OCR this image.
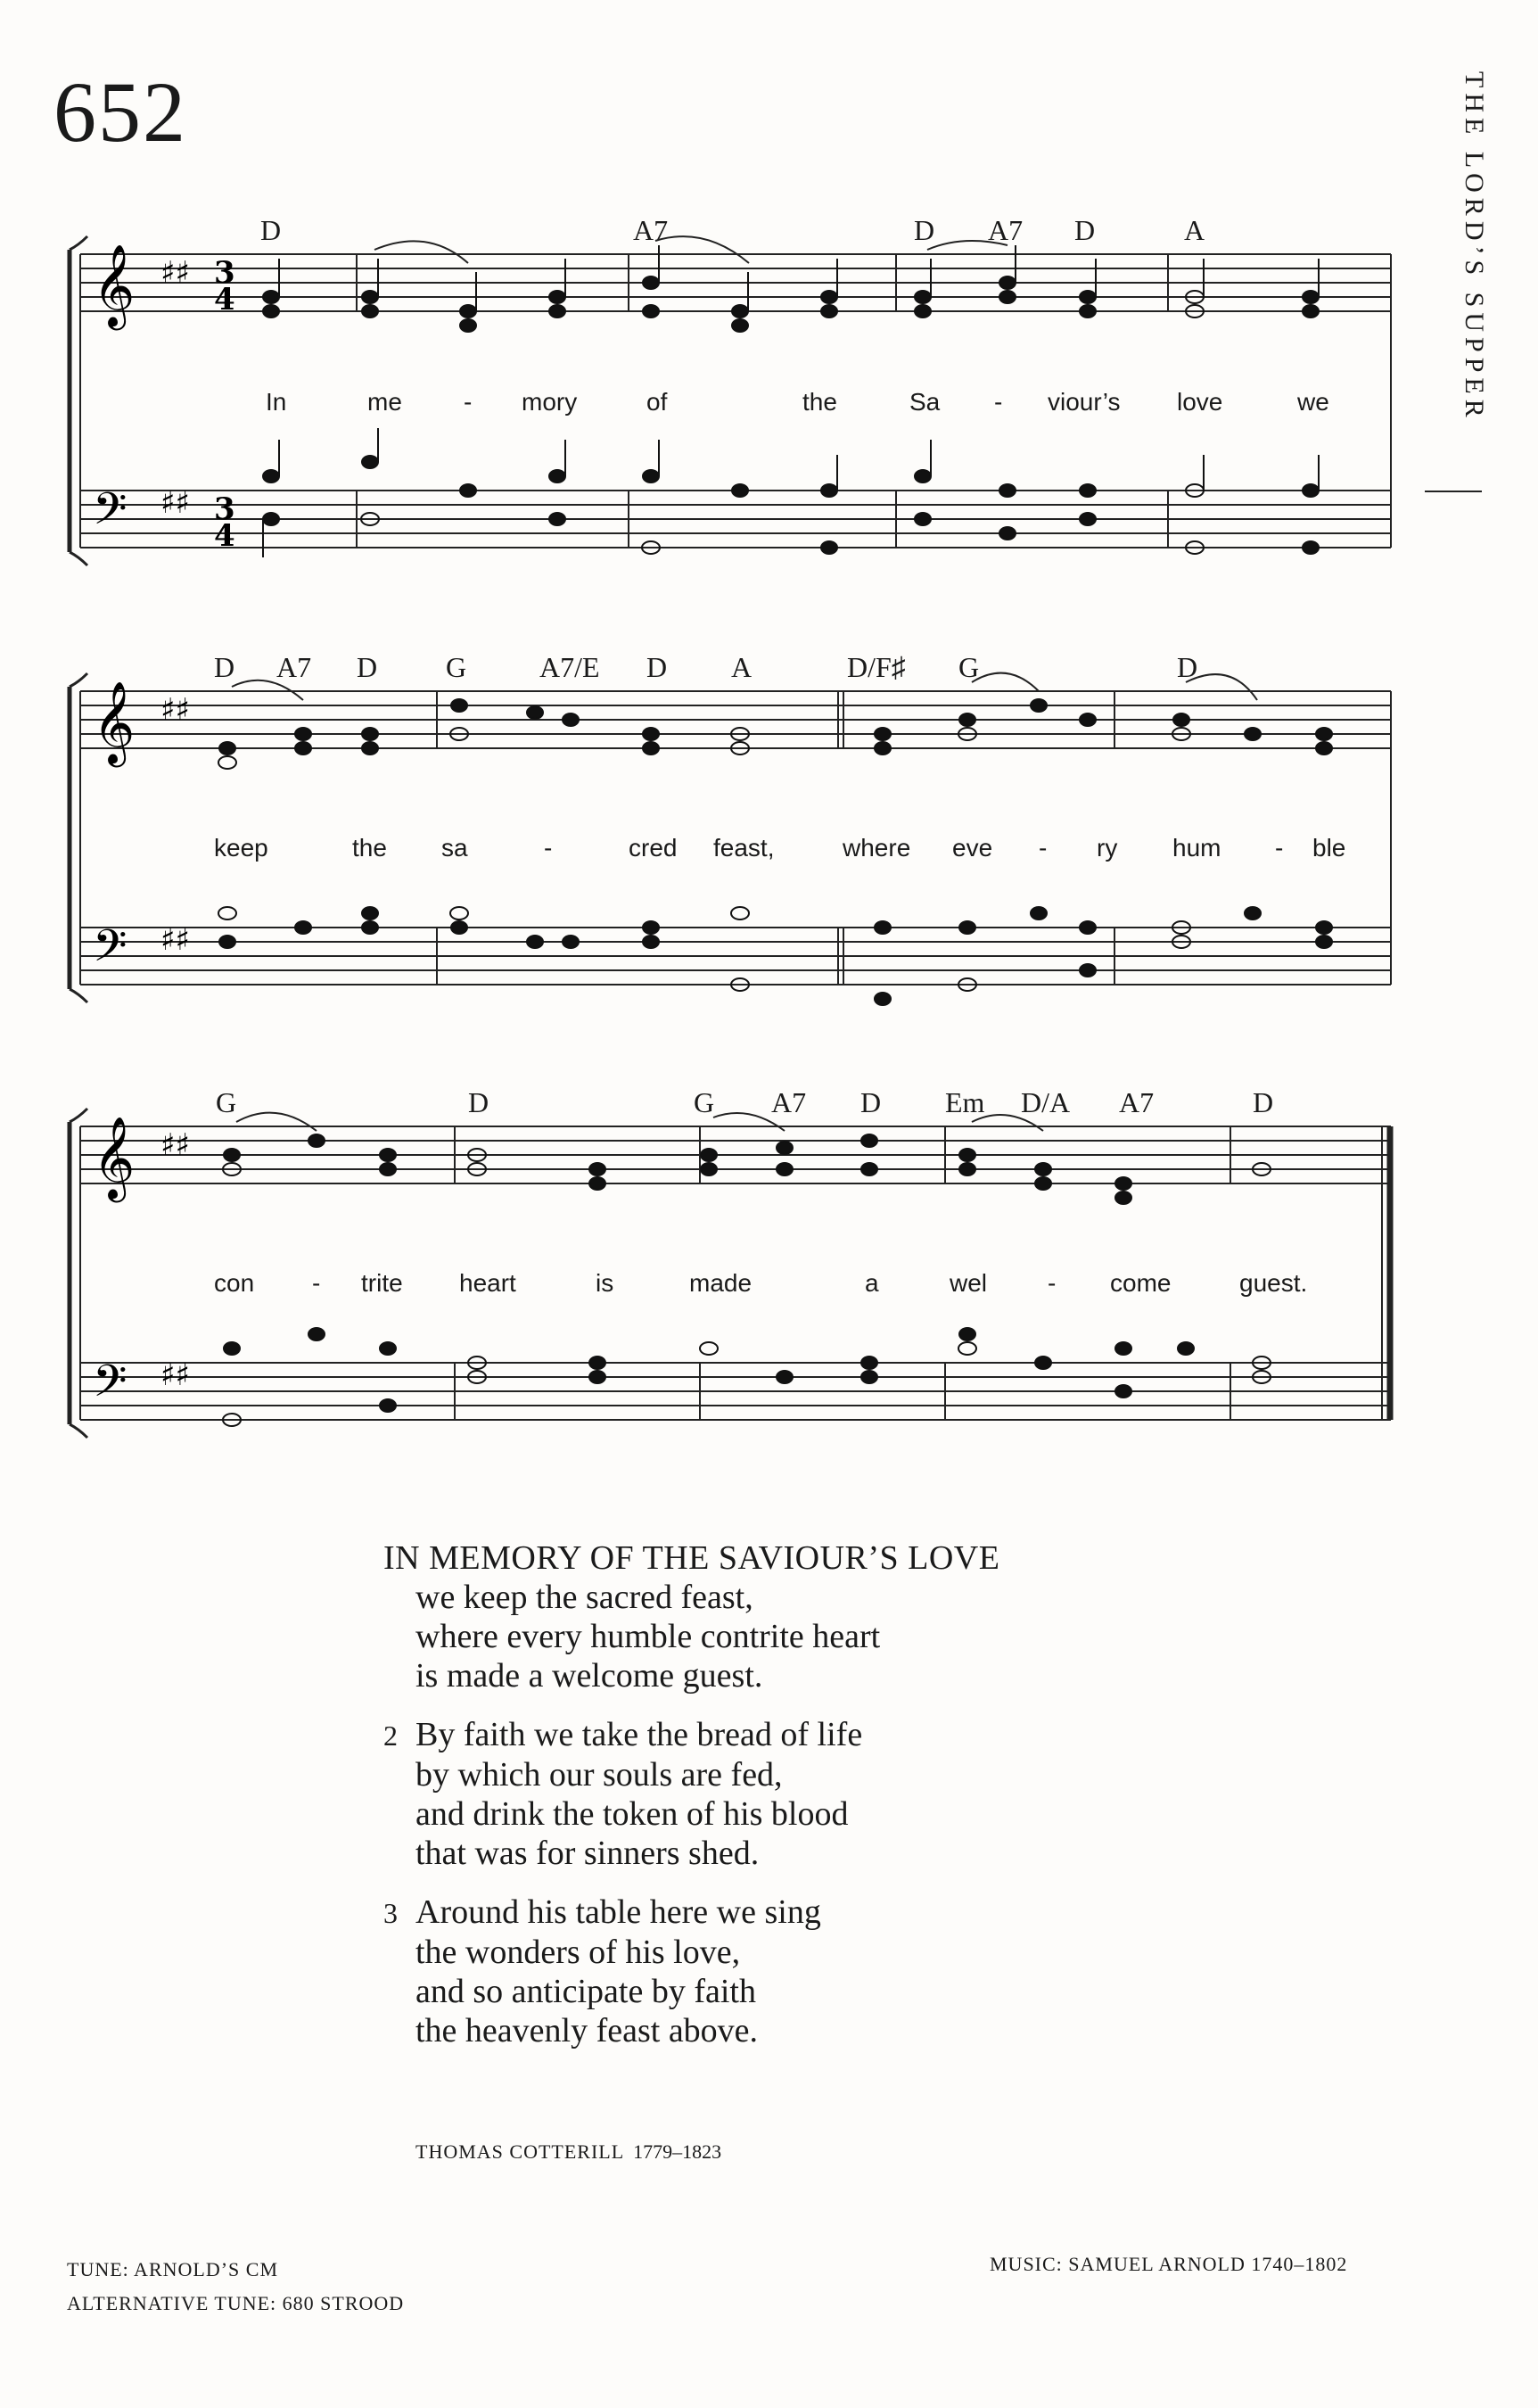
652	THE LORD’S SUPPER
D	A7	D A7 D	A
𝄞
𝄢
♯♯
♯♯
3
4
3
4
In	me - mory	of	the	Sa - viour’s love	we
D A7 D G	A7/E D A	D/F♯ G	D
𝄞
𝄢
♯♯
♯♯
keep	the sa	-	cred feast,	where eve - ry hum - ble
G	D	G A7 D Em D/A A7	D
𝄞
𝄢
♯♯
♯♯
con - trite heart	is	made	a	wel - come	guest.
IN MEMORY OF THE SAVIOUR’S LOVE
we keep the sacred feast,
where every humble contrite heart
is made a welcome guest.
2 By faith we take the bread of life
by which our souls are fed,
and drink the token of his blood
that was for sinners shed.
3 Around his table here we sing
the wonders of his love,
and so anticipate by faith
the heavenly feast above.
THOMAS COTTERILL 1779–1823
TUNE: ARNOLD’S CM
ALTERNATIVE TUNE: 680 STROOD
MUSIC: SAMUEL ARNOLD 1740–1802
